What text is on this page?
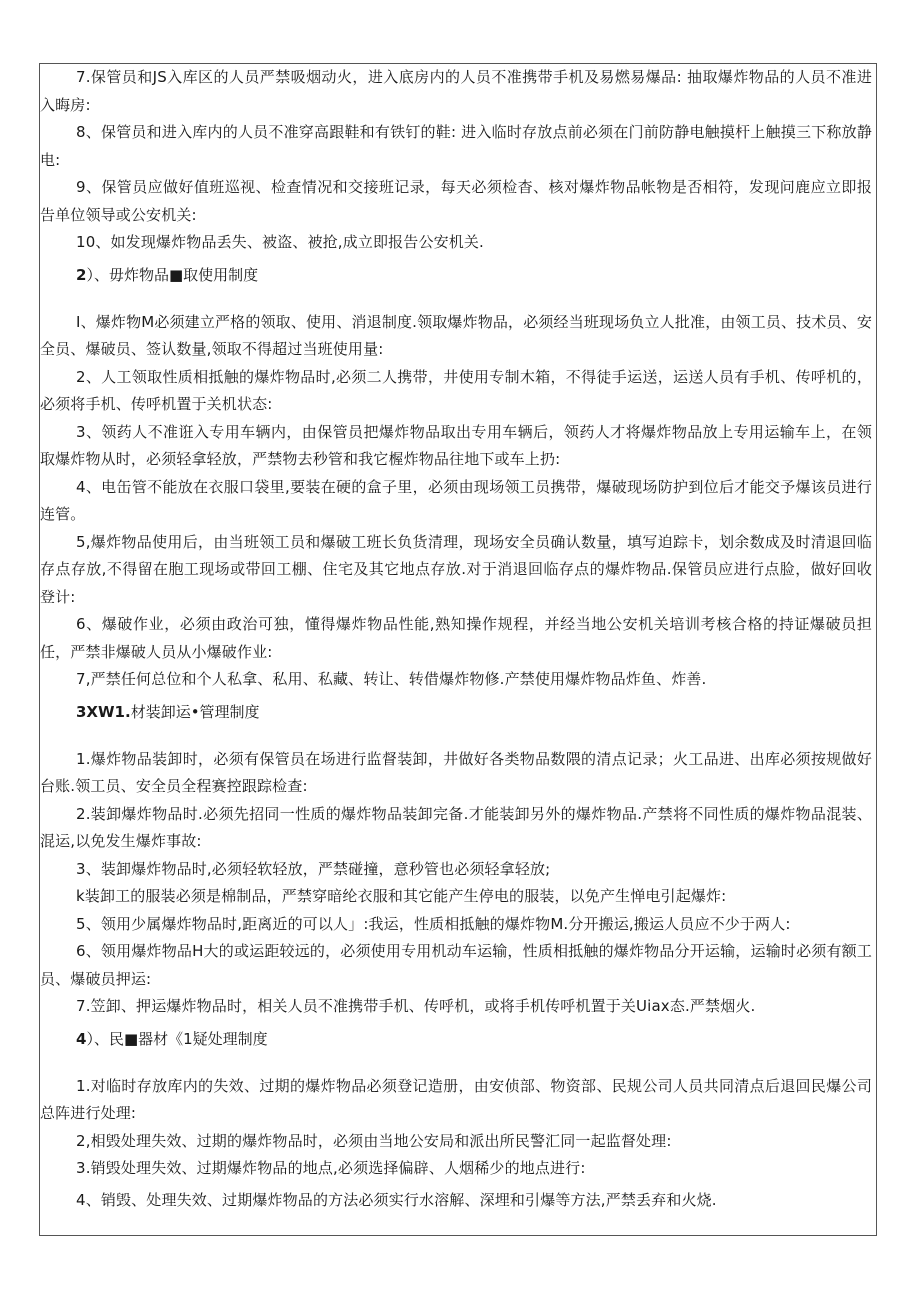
7.保管员和JS入库区的人员严禁吸烟动火，进入底房内的人员不准携带手机及易燃易爆品: 抽取爆炸物品的人员不准进入晦房:

8、保管员和进入库内的人员不准穿高跟鞋和有铁钉的鞋: 进入临时存放点前必须在门前防静电触摸杆上触摸三下称放静电:

9、保管员应做好值班巡视、检查情况和交接班记录，每天必须检杳、核对爆炸物品帐物是否相符，发现问鹿应立即报告单位领导或公安机关:

10、如发现爆炸物品丢失、被盗、被抢,成立即报告公安机关.

2）、毋炸物品■取使用制度

I、爆炸物M必须建立严格的领取、使用、消退制度.领取爆炸物品，必须经当班现场负立人批准，由领工员、技术员、安全员、爆破员、签认数量,领取不得超过当班使用量:

2、人工领取性质相抵触的爆炸物品时,必须二人携带，井使用专制木箱，不得徒手运送，运送人员有手机、传呼机的，必须将手机、传呼机置于关机状态:

3、领药人不准诳入专用车辆内，由保管员把爆炸物品取出专用车辆后，领药人才将爆炸物品放上专用运输车上，在领取爆炸物从时，必须轻拿轻放，严禁物去秒管和我它楃炸物品往地下或车上扔:

4、电缶管不能放在衣服口袋里,要装在硬的盒子里，必须由现场领工员携带，爆破现场防护到位后才能交予爆该员进行连管。

5,爆炸物品使用后，由当班领工员和爆破工班长负货清理，现场安全员确认数量，填写迫踪卡，划余数成及时清退回临存点存放,不得留在胞工现场或带回工棚、住宅及其它地点存放.对于消退回临存点的爆炸物品.保管员应进行点脸，做好回收登计:

6、爆破作业，必须由政治可独，懂得爆炸物品性能,熟知操作规程，并经当地公安机关培训考核合格的持证爆破员担任，严禁非爆破人员从小爆破作业:

7,严禁任何总位和个人私拿、私用、私藏、转让、转借爆炸物修.产禁使用爆炸物品炸鱼、炸善.

3XW1.材装卸运•管理制度

1.爆炸物品装卸时，必须有保管员在场进行监督装卸，井做好各类物品数隈的清点记录；火工品进、出库必须按规做好台账.领工员、安全员全程赛控跟踪检查:

2.装卸爆炸物品时.必须先招同一性质的爆炸物品装卸完备.才能装卸另外的爆炸物品.产禁将不同性质的爆炸物品混装、混运,以免发生爆炸事故:

3、装卸爆炸物品时,必须轻软轻放，严禁碰撞，意秒管也必须轻拿轻放;

k装卸工的服装必须是棉制品，严禁穿暗纶衣服和其它能产生停电的服装，以免产生惮电引起爆炸:

5、领用少属爆炸物品时,距离近的可以人」:我运，性质相抵触的爆炸物M.分开搬运,搬运人员应不少于两人:

6、领用爆炸物品H大的或运距较远的，必须使用专用机动车运输，性质相抵触的爆炸物品分开运输，运输时必须有额工员、爆破员押运:

7.笠卸、押运爆炸物品时，相关人员不准携带手机、传呼机，或将手机传呼机置于关Uiax态.严禁烟火.

4）、民■器材《1疑处理制度

1.对临时存放库内的失效、过期的爆炸物品必须登记造册，由安侦部、物资部、民规公司人员共同清点后退回民爆公司总阵进行处理:

2,相毁处理失效、过期的爆炸物品时，必须由当地公安局和派出所民警汇同一起监督处理:

3.销毁处理失效、过期爆炸物品的地点,必须选择偏辟、人烟稀少的地点进行:

4、销毁、处理失效、过期爆炸物品的方法必须实行水溶解、深埋和引爆等方法,严禁丢弃和火烧.
